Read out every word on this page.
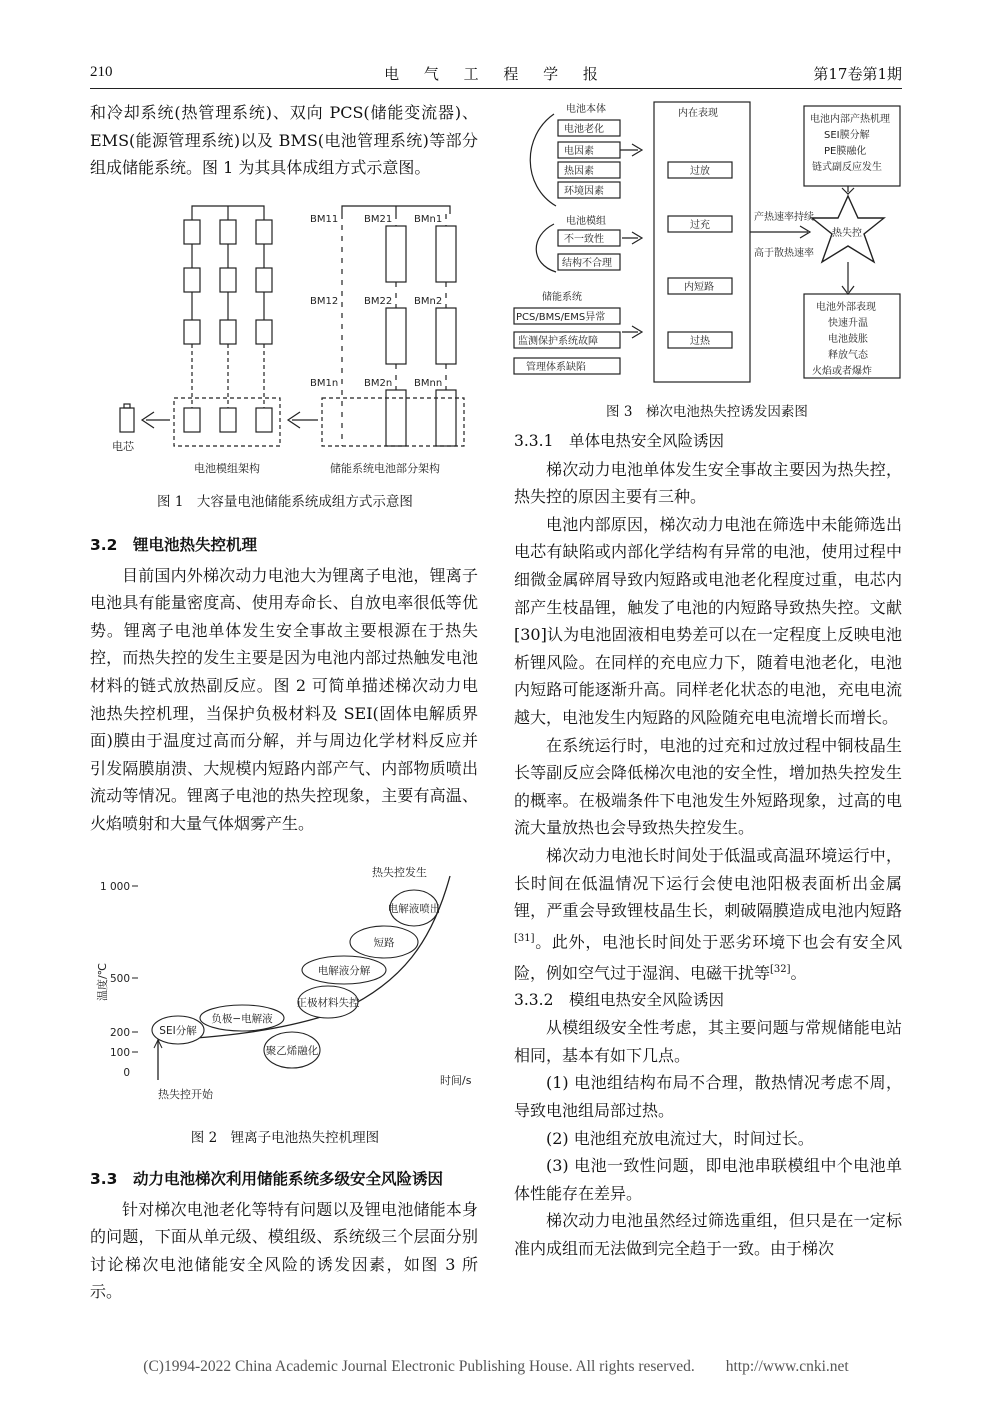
210	电 气 工 程 学 报	第17卷第1期

和冷却系统(热管理系统)、双向 PCS(储能变流器)、EMS(能源管理系统)以及 BMS(电池管理系统)等部分组成储能系统。图 1 为其具体成组方式示意图。

BM11	BM21 BMn1
BM12	BM22 BMn2
BM1n	BM2n BMnn
电芯
电池模组架构	储能系统电池部分架构
图 1　大容量电池储能系统成组方式示意图

3.2　锂电池热失控机理

目前国内外梯次动力电池大为锂离子电池，锂离子电池具有能量密度高、使用寿命长、自放电率很低等优势。锂离子电池单体发生安全事故主要根源在于热失控，而热失控的发生主要是因为电池内部过热触发电池材料的链式放热副反应。图 2 可简单描述梯次动力电池热失控机理，当保护负极材料及 SEI(固体电解质界面)膜由于温度过高而分解，并与周边化学材料反应并引发隔膜崩溃、大规模内短路内部产气、内部物质喷出流动等情况。锂离子电池的热失控现象，主要有高温、火焰喷射和大量气体烟雾产生。

1 000
500
200
100
0
温度/℃
SEI分解
负极−电解液
聚乙烯融化
正极材料失控
电解液分解
短路
电解液喷出
热失控开始
热失控发生
时间/s
图 2　锂离子电池热失控机理图

3.3　动力电池梯次利用储能系统多级安全风险诱因

针对梯次电池老化等特有问题以及锂电池储能本身的问题，下面从单元级、模组级、系统级三个层面分别讨论梯次电池储能安全风险的诱发因素，如图 3 所示。

电池本体
电池老化
电因素
热因素
环境因素
电池模组
不一致性
结构不合理
储能系统
PCS/BMS/EMS异常
监测保护系统故障
管理体系缺陷
内在表现
过放
过充
内短路
过热
产热速率持续
高于散热速率
热失控
电池内部产热机理
SEI膜分解
PE膜融化
链式副反应发生
电池外部表现
快速升温
电池鼓胀
释放气态
火焰或者爆炸
图 3　梯次电池热失控诱发因素图

3.3.1　单体电热安全风险诱因

梯次动力电池单体发生安全事故主要因为热失控，热失控的原因主要有三种。

电池内部原因，梯次动力电池在筛选中未能筛选出电芯有缺陷或内部化学结构有异常的电池，使用过程中细微金属碎屑导致内短路或电池老化程度过重，电芯内部产生枝晶锂，触发了电池的内短路导致热失控。文献[30]认为电池固液相电势差可以在一定程度上反映电池析锂风险。在同样的充电应力下，随着电池老化，电池内短路可能逐渐升高。同样老化状态的电池，充电电流越大，电池发生内短路的风险随充电电流增长而增长。

在系统运行时，电池的过充和过放过程中铜枝晶生长等副反应会降低梯次电池的安全性，增加热失控发生的概率。在极端条件下电池发生外短路现象，过高的电流大量放热也会导致热失控发生。

梯次动力电池长时间处于低温或高温环境运行中，长时间在低温情况下运行会使电池阳极表面析出金属锂，严重会导致锂枝晶生长，刺破隔膜造成电池内短路[31]。此外，电池长时间处于恶劣环境下也会有安全风险，例如空气过于湿润、电磁干扰等[32]。

3.3.2　模组电热安全风险诱因

从模组级安全性考虑，其主要问题与常规储能电站相同，基本有如下几点。

(1) 电池组结构布局不合理，散热情况考虑不周，导致电池组局部过热。

(2) 电池组充放电流过大，时间过长。

(3) 电池一致性问题，即电池串联模组中个电池单体性能存在差异。

梯次动力电池虽然经过筛选重组，但只是在一定标准内成组而无法做到完全趋于一致。由于梯次

(C)1994-2022 China Academic Journal Electronic Publishing House. All rights reserved.　　http://www.cnki.net
